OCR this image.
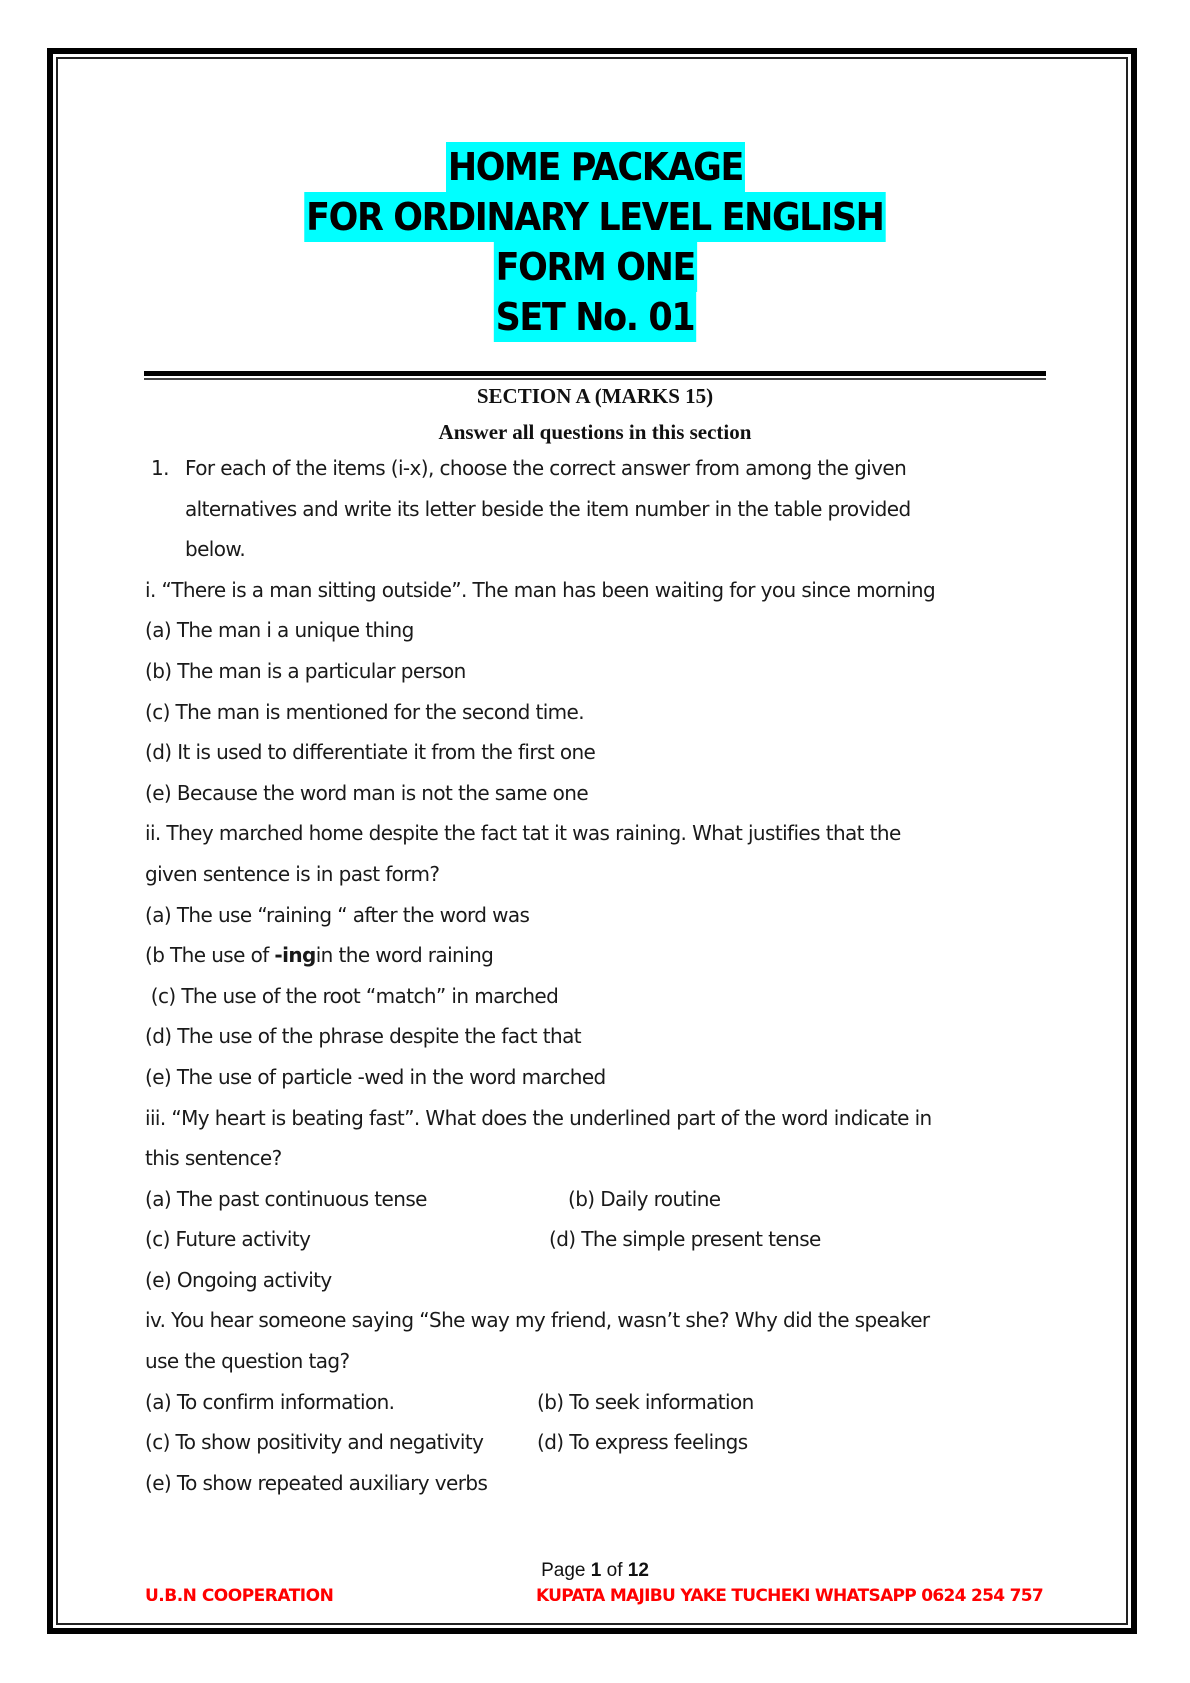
HOME PACKAGE
FOR ORDINARY LEVEL ENGLISH
FORM ONE
SET No. 01
SECTION A (MARKS 15)
Answer all questions in this section
1. For each of the items (i-x), choose the correct answer from among the given
alternatives and write its letter beside the item number in the table provided
below.
i. “There is a man sitting outside”. The man has been waiting for you since morning
(a) The man i a unique thing
(b) The man is a particular person
(c) The man is mentioned for the second time.
(d) It is used to differentiate it from the first one
(e) Because the word man is not the same one
ii. They marched home despite the fact tat it was raining. What justifies that the
given sentence is in past form?
(a) The use “raining “ after the word was
(b The use of -ingin the word raining
(c) The use of the root “match” in marched
(d) The use of the phrase despite the fact that
(e) The use of particle -wed in the word marched
iii. “My heart is beating fast”. What does the underlined part of the word indicate in
this sentence?
(a) The past continuous tense	(b) Daily routine
(c) Future activity	(d) The simple present tense
(e) Ongoing activity
iv. You hear someone saying “She way my friend, wasn’t she? Why did the speaker
use the question tag?
(a) To confirm information.	(b) To seek information
(c) To show positivity and negativity	(d) To express feelings
(e) To show repeated auxiliary verbs
Page 1 of 12
U.B.N COOPERATION	KUPATA MAJIBU YAKE TUCHEKI WHATSAPP 0624 254 757
